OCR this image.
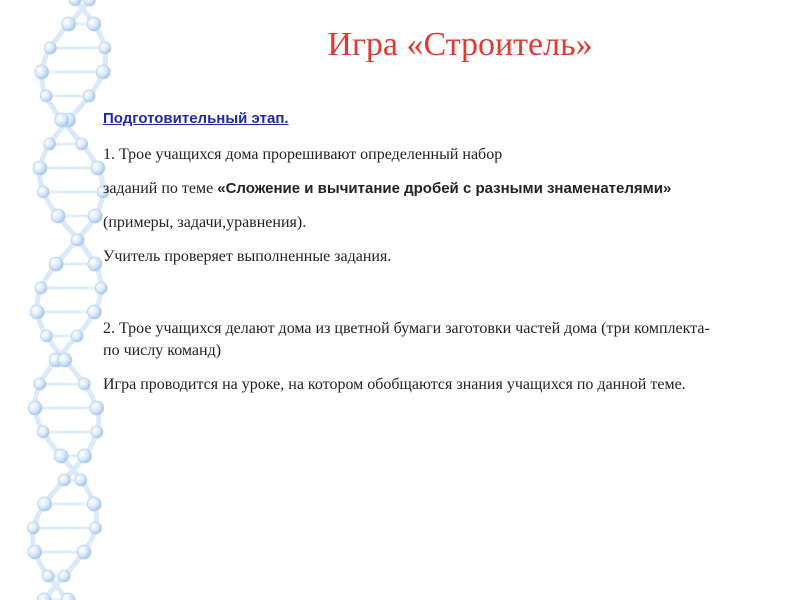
Игра «Строитель»

Подготовительный этап.

1. Трое учащихся дома прорешивают определенный набор

заданий по теме «Сложение и вычитание дробей с разными знаменателями»

(примеры, задачи,уравнения).

Учитель проверяет выполненные задания.

2. Трое учащихся делают дома из цветной бумаги заготовки частей дома (три комплекта-по числу команд)

Игра проводится на уроке, на котором обобщаются знания учащихся по данной теме.
